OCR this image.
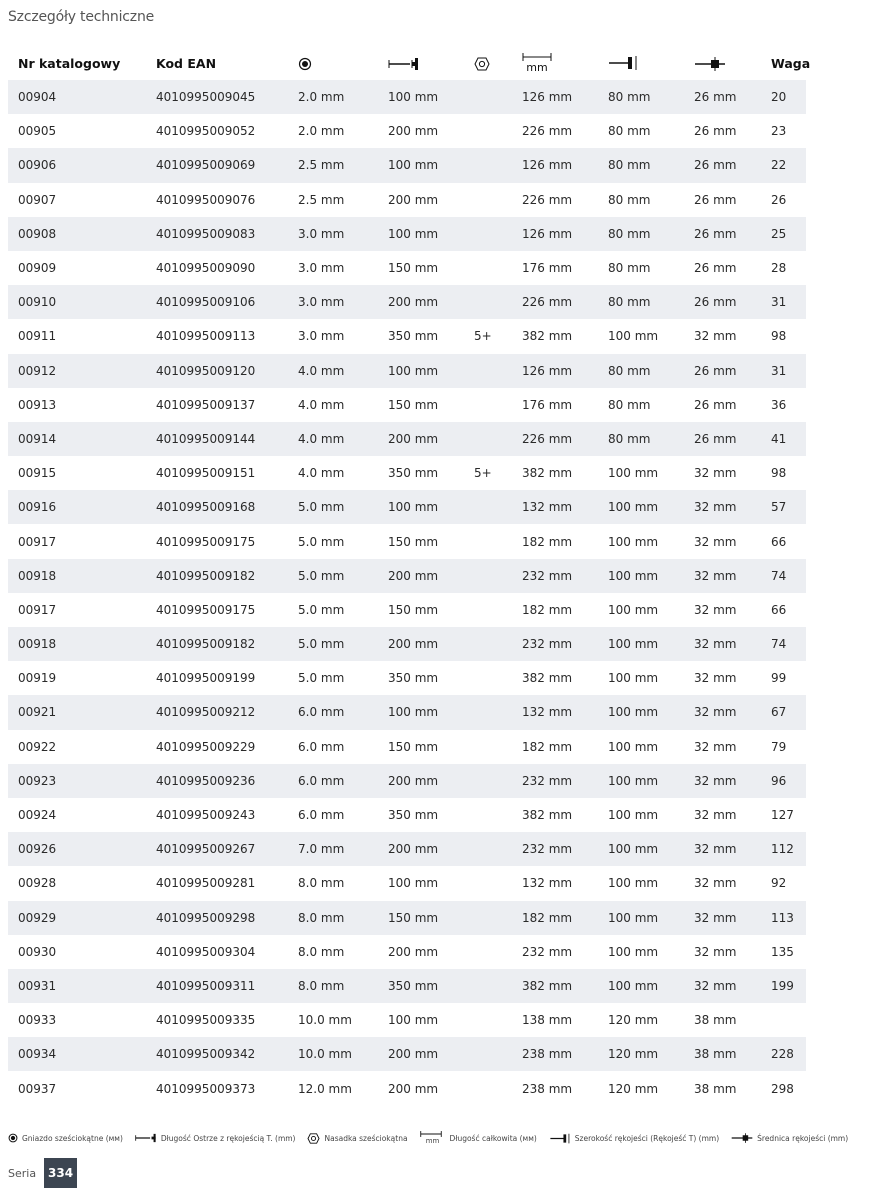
Szczegóły techniczne
Nr katalogowy	Kod EAN				mm			Waga
00904	4010995009045	2.0 mm	100 mm		126 mm	80 mm	26 mm	20
00905	4010995009052	2.0 mm	200 mm		226 mm	80 mm	26 mm	23
00906	4010995009069	2.5 mm	100 mm		126 mm	80 mm	26 mm	22
00907	4010995009076	2.5 mm	200 mm		226 mm	80 mm	26 mm	26
00908	4010995009083	3.0 mm	100 mm		126 mm	80 mm	26 mm	25
00909	4010995009090	3.0 mm	150 mm		176 mm	80 mm	26 mm	28
00910	4010995009106	3.0 mm	200 mm		226 mm	80 mm	26 mm	31
00911	4010995009113	3.0 mm	350 mm	5+	382 mm	100 mm	32 mm	98
00912	4010995009120	4.0 mm	100 mm		126 mm	80 mm	26 mm	31
00913	4010995009137	4.0 mm	150 mm		176 mm	80 mm	26 mm	36
00914	4010995009144	4.0 mm	200 mm		226 mm	80 mm	26 mm	41
00915	4010995009151	4.0 mm	350 mm	5+	382 mm	100 mm	32 mm	98
00916	4010995009168	5.0 mm	100 mm		132 mm	100 mm	32 mm	57
00917	4010995009175	5.0 mm	150 mm		182 mm	100 mm	32 mm	66
00918	4010995009182	5.0 mm	200 mm		232 mm	100 mm	32 mm	74
00917	4010995009175	5.0 mm	150 mm		182 mm	100 mm	32 mm	66
00918	4010995009182	5.0 mm	200 mm		232 mm	100 mm	32 mm	74
00919	4010995009199	5.0 mm	350 mm		382 mm	100 mm	32 mm	99
00921	4010995009212	6.0 mm	100 mm		132 mm	100 mm	32 mm	67
00922	4010995009229	6.0 mm	150 mm		182 mm	100 mm	32 mm	79
00923	4010995009236	6.0 mm	200 mm		232 mm	100 mm	32 mm	96
00924	4010995009243	6.0 mm	350 mm		382 mm	100 mm	32 mm	127
00926	4010995009267	7.0 mm	200 mm		232 mm	100 mm	32 mm	112
00928	4010995009281	8.0 mm	100 mm		132 mm	100 mm	32 mm	92
00929	4010995009298	8.0 mm	150 mm		182 mm	100 mm	32 mm	113
00930	4010995009304	8.0 mm	200 mm		232 mm	100 mm	32 mm	135
00931	4010995009311	8.0 mm	350 mm		382 mm	100 mm	32 mm	199
00933	4010995009335	10.0 mm	100 mm		138 mm	120 mm	38 mm	
00934	4010995009342	10.0 mm	200 mm		238 mm	120 mm	38 mm	228
00937	4010995009373	12.0 mm	200 mm		238 mm	120 mm	38 mm	298
Gniazdo sześciokątne (мм)	Długość Ostrze z rękojeścią T. (mm)	Nasadka sześciokątna	mm	Długość całkowita (мм)	Szerokość rękojeści (Rękojeść T) (mm)	Średnica rękojeści (mm)
Seria 334
